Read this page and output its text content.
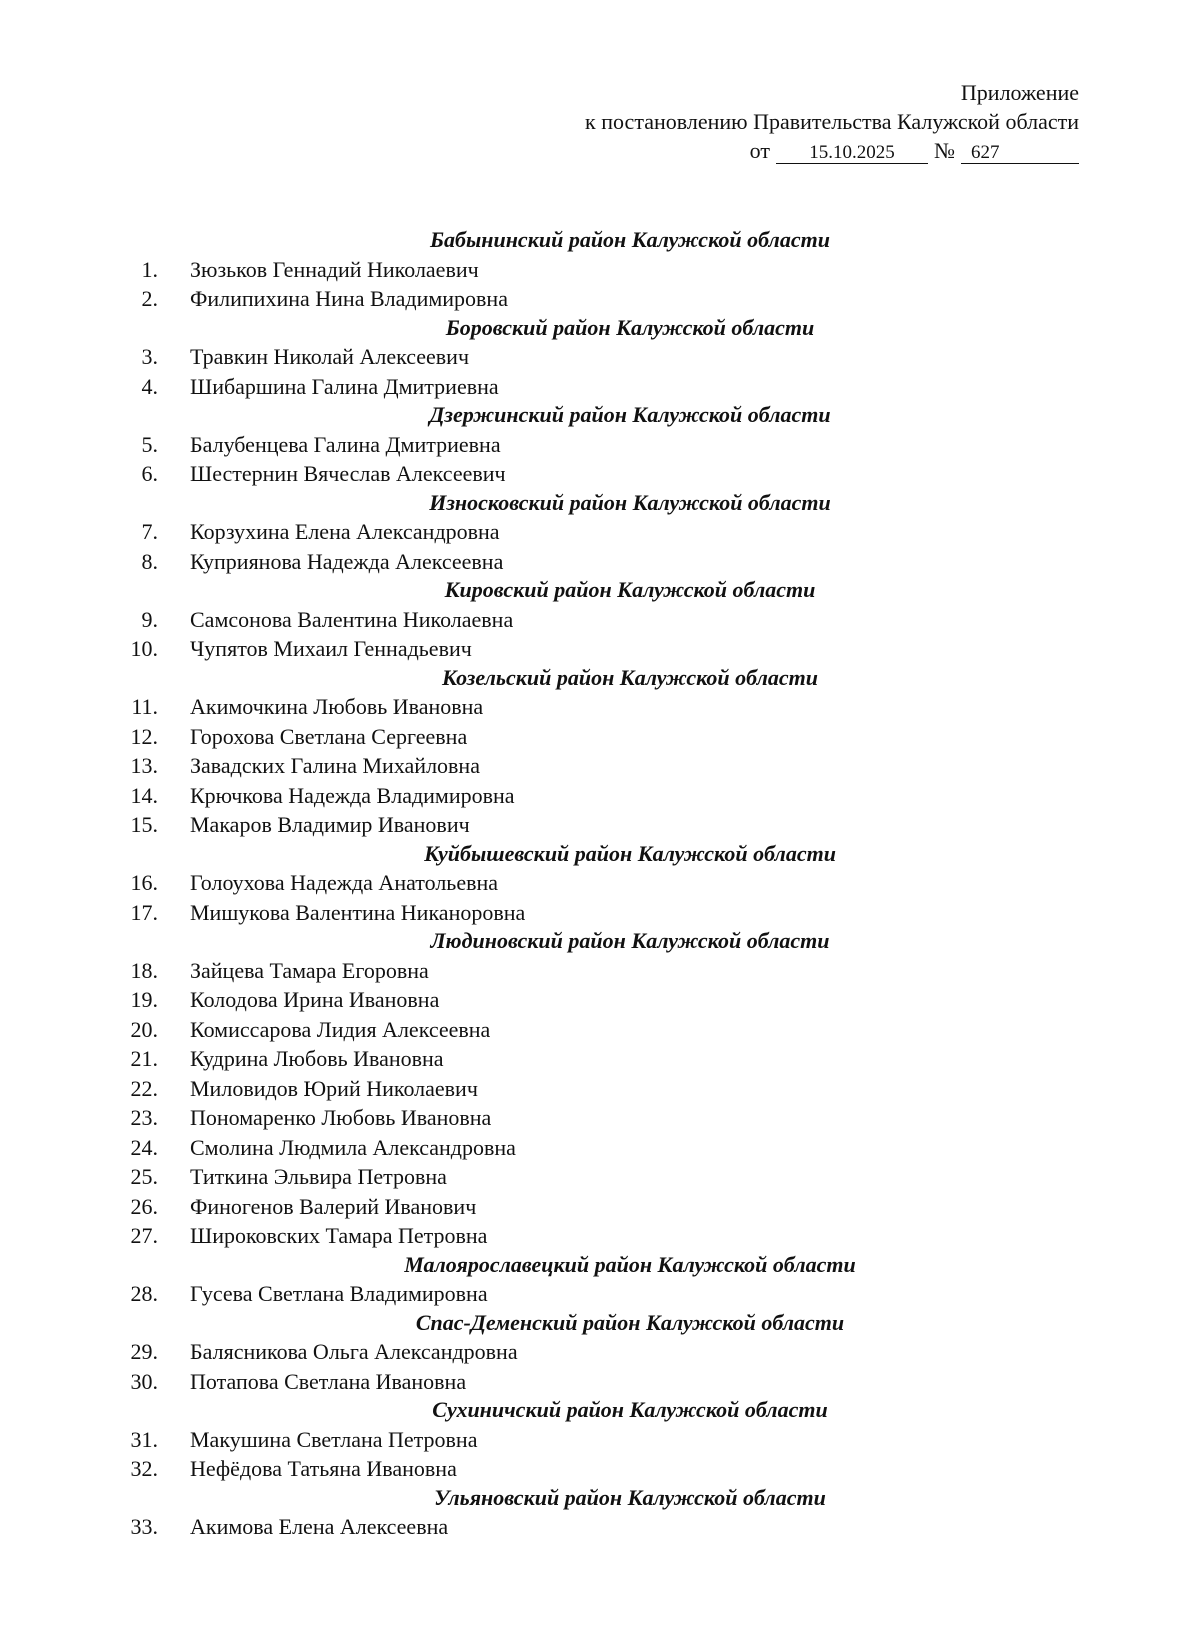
Приложение
к постановлению Правительства Калужской области
от	15.10.2025	№ 627
Бабынинский район Калужской области
1. Зюзьков Геннадий Николаевич
2. Филипихина Нина Владимировна
Боровский район Калужской области
3. Травкин Николай Алексеевич
4. Шибаршина Галина Дмитриевна
Дзержинский район Калужской области
5. Балубенцева Галина Дмитриевна
6. Шестернин Вячеслав Алексеевич
Износковский район Калужской области
7. Корзухина Елена Александровна
8. Куприянова Надежда Алексеевна
Кировский район Калужской области
9. Самсонова Валентина Николаевна
10. Чупятов Михаил Геннадьевич
Козельский район Калужской области
11. Акимочкина Любовь Ивановна
12. Горохова Светлана Сергеевна
13. Завадских Галина Михайловна
14. Крючкова Надежда Владимировна
15. Макаров Владимир Иванович
Куйбышевский район Калужской области
16. Голоухова Надежда Анатольевна
17. Мишукова Валентина Никаноровна
Людиновский район Калужской области
18. Зайцева Тамара Егоровна
19. Колодова Ирина Ивановна
20. Комиссарова Лидия Алексеевна
21. Кудрина Любовь Ивановна
22. Миловидов Юрий Николаевич
23. Пономаренко Любовь Ивановна
24. Смолина Людмила Александровна
25. Титкина Эльвира Петровна
26. Финогенов Валерий Иванович
27. Широковских Тамара Петровна
Малоярославецкий район Калужской области
28. Гусева Светлана Владимировна
Спас-Деменский район Калужской области
29. Балясникова Ольга Александровна
30. Потапова Светлана Ивановна
Сухиничский район Калужской области
31. Макушина Светлана Петровна
32. Нефёдова Татьяна Ивановна
Ульяновский район Калужской области
33. Акимова Елена Алексеевна
